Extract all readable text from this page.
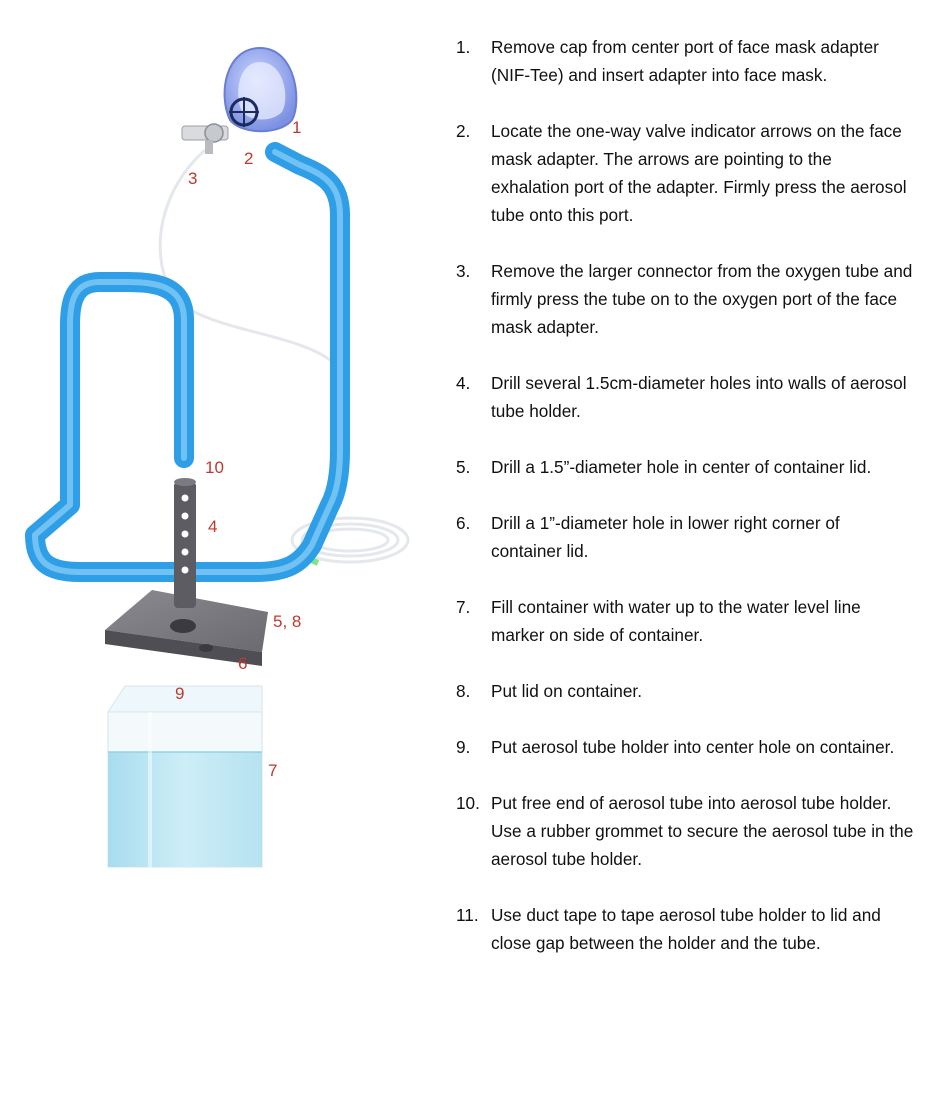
1
2
3
10
4
5, 8
6
9
7
1. Remove cap from center port of face mask adapter (NIF-Tee) and insert adapter into face mask.
2. Locate the one-way valve indicator arrows on the face mask adapter. The arrows are pointing to the exhalation port of the adapter. Firmly press the aerosol tube onto this port.
3. Remove the larger connector from the oxygen tube and firmly press the tube on to the oxygen port of the face mask adapter.
4. Drill several 1.5cm-diameter holes into walls of aerosol tube holder.
5. Drill a 1.5”-diameter hole in center of container lid.
6. Drill a 1”-diameter hole in lower right corner of container lid.
7. Fill container with water up to the water level line marker on side of container.
8. Put lid on container.
9. Put aerosol tube holder into center hole on container.
10. Put free end of aerosol tube into aerosol tube holder. Use a rubber grommet to secure the aerosol tube in the aerosol tube holder.
11. Use duct tape to tape aerosol tube holder to lid and close gap between the holder and the tube.
